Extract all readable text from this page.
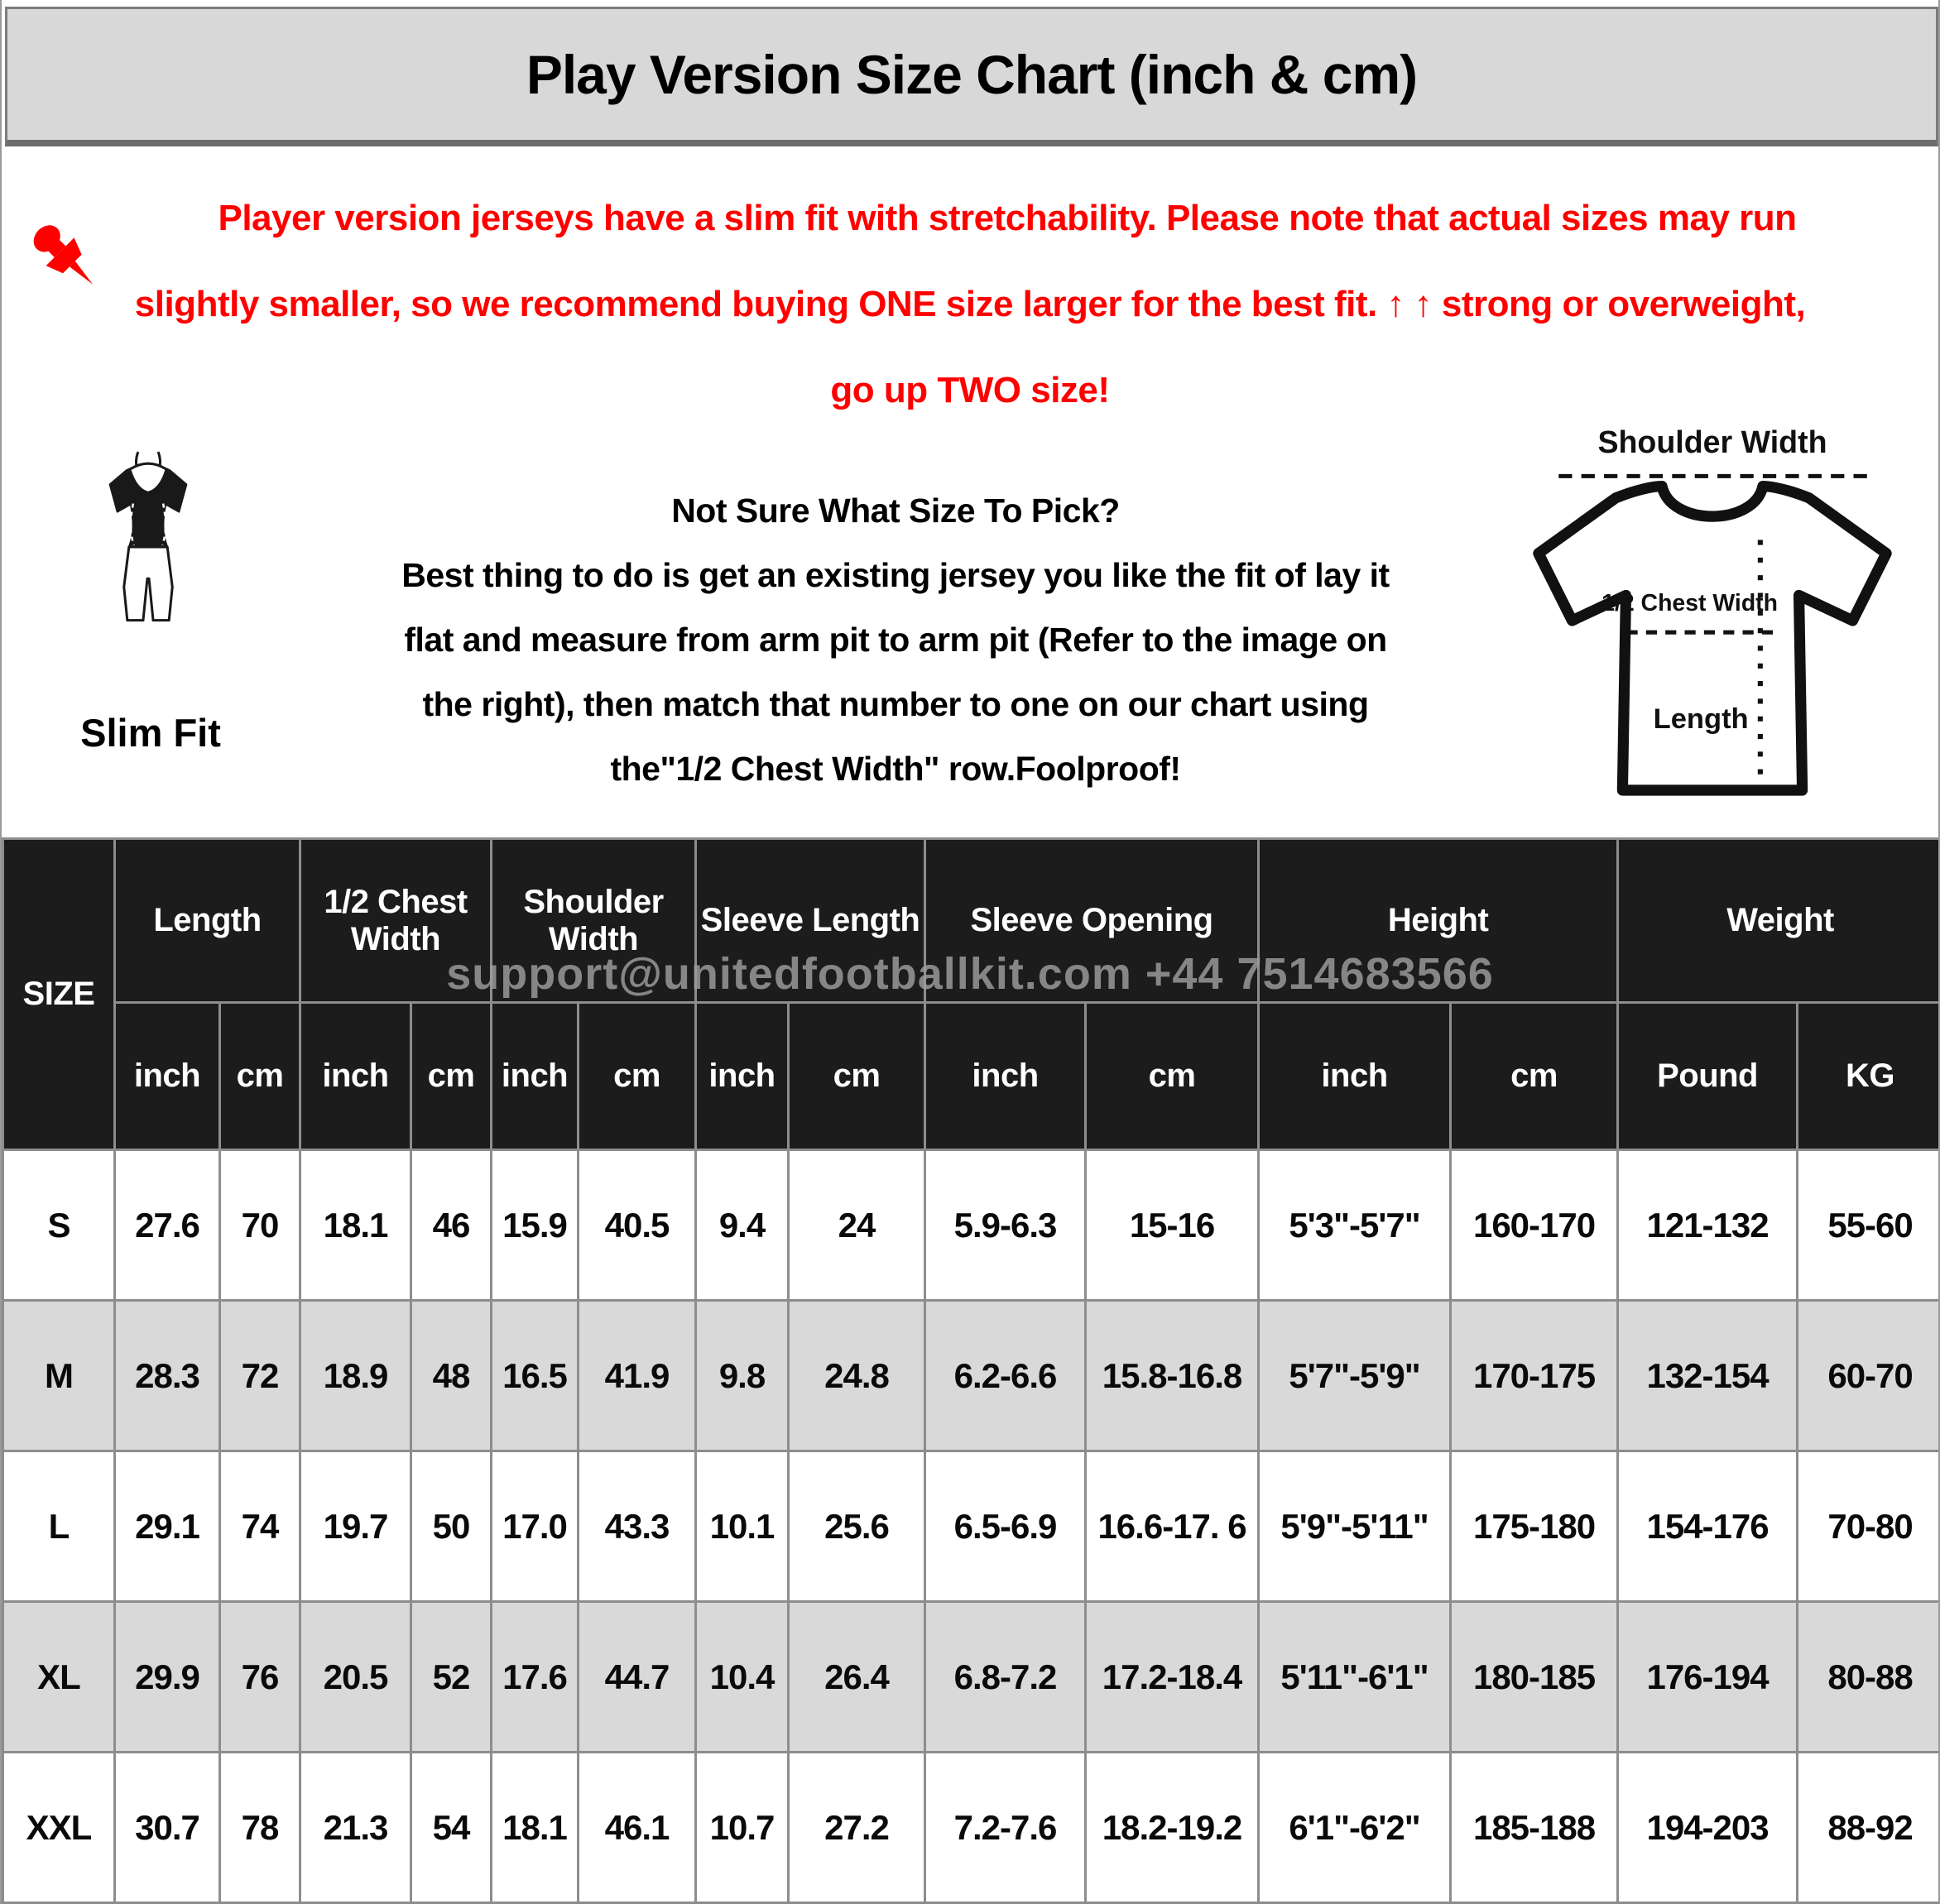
Play Version Size Chart (inch & cm)
Player version jerseys have a slim fit with stretchability. Please note that actual sizes may run
slightly smaller, so we recommend buying ONE size larger for the best fit. ↑ ↑ strong or overweight,
go up TWO size!
Slim Fit
Not Sure What Size To Pick?
Best thing to do is get an existing jersey you like the fit of lay it
flat and measure from arm pit to arm pit (Refer to the image on
the right), then match that number to one on our chart using
the"1/2 Chest Width" row.Foolproof!
Shoulder Width
1/2 Chest Width
Length
support@unitedfootballkit.com +44 7514683566
SIZE	Length		1/2 Chest Width		Shoulder Width		Sleeve Length		Sleeve Opening		Height		Weight	
	inch	cm	inch	cm	inch	cm	inch	cm	inch	cm	inch	cm	Pound	KG
S	27.6	70	18.1	46	15.9	40.5	9.4	24	5.9-6.3	15-16	5'3"-5'7"	160-170	121-132	55-60
M	28.3	72	18.9	48	16.5	41.9	9.8	24.8	6.2-6.6	15.8-16.8	5'7"-5'9"	170-175	132-154	60-70
L	29.1	74	19.7	50	17.0	43.3	10.1	25.6	6.5-6.9	16.6-17. 6	5'9"-5'11"	175-180	154-176	70-80
XL	29.9	76	20.5	52	17.6	44.7	10.4	26.4	6.8-7.2	17.2-18.4	5'11"-6'1"	180-185	176-194	80-88
XXL	30.7	78	21.3	54	18.1	46.1	10.7	27.2	7.2-7.6	18.2-19.2	6'1"-6'2"	185-188	194-203	88-92
